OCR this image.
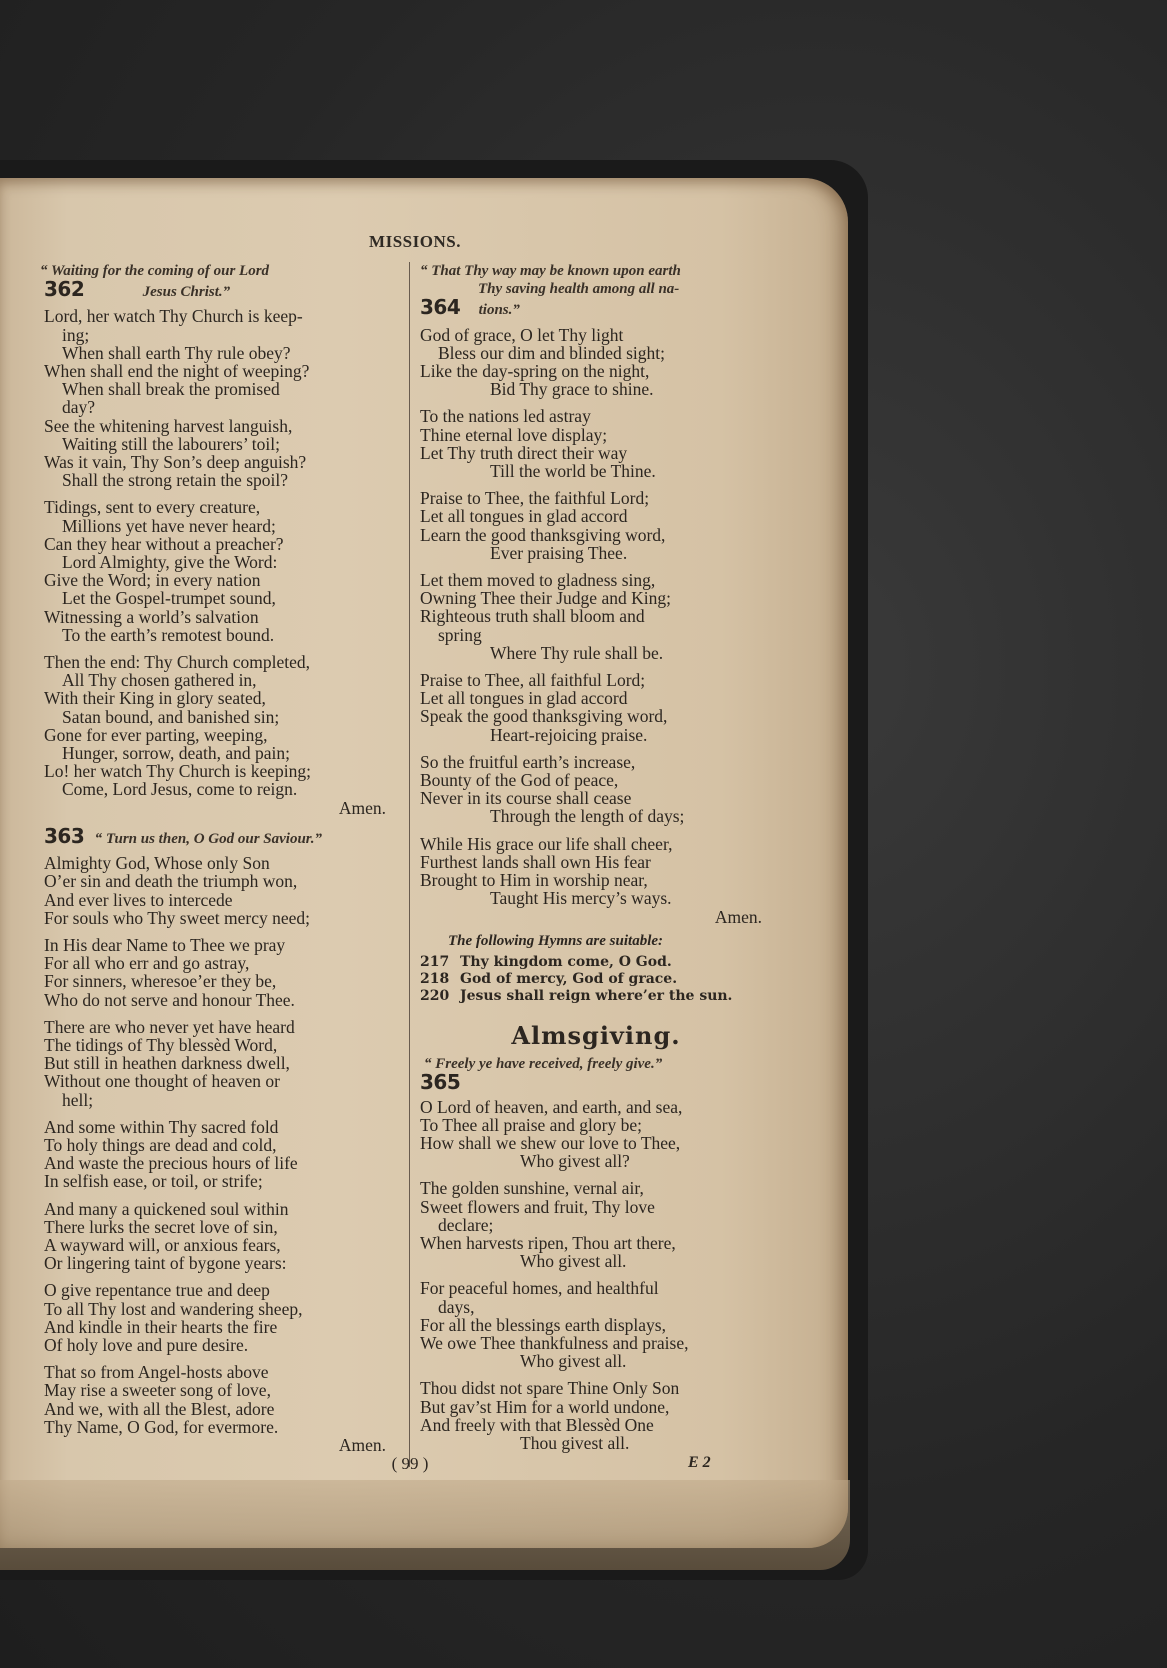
MISSIONS.
“ Waiting for the coming of our Lord
362	Jesus Christ.”
Lord, her watch Thy Church is keep-
ing;
When shall earth Thy rule obey?
When shall end the night of weeping?
When shall break the promised
day?
See the whitening harvest languish,
Waiting still the labourers’ toil;
Was it vain, Thy Son’s deep anguish?
Shall the strong retain the spoil?
Tidings, sent to every creature,
Millions yet have never heard;
Can they hear without a preacher?
Lord Almighty, give the Word:
Give the Word; in every nation
Let the Gospel-trumpet sound,
Witnessing a world’s salvation
To the earth’s remotest bound.
Then the end: Thy Church completed,
All Thy chosen gathered in,
With their King in glory seated,
Satan bound, and banished sin;
Gone for ever parting, weeping,
Hunger, sorrow, death, and pain;
Lo! her watch Thy Church is keeping;
Come, Lord Jesus, come to reign.
Amen.
363 “ Turn us then, O God our Saviour.”
Almighty God, Whose only Son
O’er sin and death the triumph won,
And ever lives to intercede
For souls who Thy sweet mercy need;
In His dear Name to Thee we pray
For all who err and go astray,
For sinners, wheresoe’er they be,
Who do not serve and honour Thee.
There are who never yet have heard
The tidings of Thy blessèd Word,
But still in heathen darkness dwell,
Without one thought of heaven or
hell;
And some within Thy sacred fold
To holy things are dead and cold,
And waste the precious hours of life
In selfish ease, or toil, or strife;
And many a quickened soul within
There lurks the secret love of sin,
A wayward will, or anxious fears,
Or lingering taint of bygone years:
O give repentance true and deep
To all Thy lost and wandering sheep,
And kindle in their hearts the fire
Of holy love and pure desire.
That so from Angel-hosts above
May rise a sweeter song of love,
And we, with all the Blest, adore
Thy Name, O God, for evermore.
Amen.
“ That Thy way may be known upon earth
Thy saving health among all na-
364 tions.”
God of grace, O let Thy light
Bless our dim and blinded sight;
Like the day-spring on the night,
Bid Thy grace to shine.
To the nations led astray
Thine eternal love display;
Let Thy truth direct their way
Till the world be Thine.
Praise to Thee, the faithful Lord;
Let all tongues in glad accord
Learn the good thanksgiving word,
Ever praising Thee.
Let them moved to gladness sing,
Owning Thee their Judge and King;
Righteous truth shall bloom and
spring
Where Thy rule shall be.
Praise to Thee, all faithful Lord;
Let all tongues in glad accord
Speak the good thanksgiving word,
Heart-rejoicing praise.
So the fruitful earth’s increase,
Bounty of the God of peace,
Never in its course shall cease
Through the length of days;
While His grace our life shall cheer,
Furthest lands shall own His fear
Brought to Him in worship near,
Taught His mercy’s ways.
Amen.
The following Hymns are suitable:
217 Thy kingdom come, O God.
218 God of mercy, God of grace.
220 Jesus shall reign where’er the sun.
Almsgiving.
“ Freely ye have received, freely give.”
365
O Lord of heaven, and earth, and sea,
To Thee all praise and glory be;
How shall we shew our love to Thee,
Who givest all?
The golden sunshine, vernal air,
Sweet flowers and fruit, Thy love
declare;
When harvests ripen, Thou art there,
Who givest all.
For peaceful homes, and healthful
days,
For all the blessings earth displays,
We owe Thee thankfulness and praise,
Who givest all.
Thou didst not spare Thine Only Son
But gav’st Him for a world undone,
And freely with that Blessèd One
Thou givest all.
( 99 )	E 2
